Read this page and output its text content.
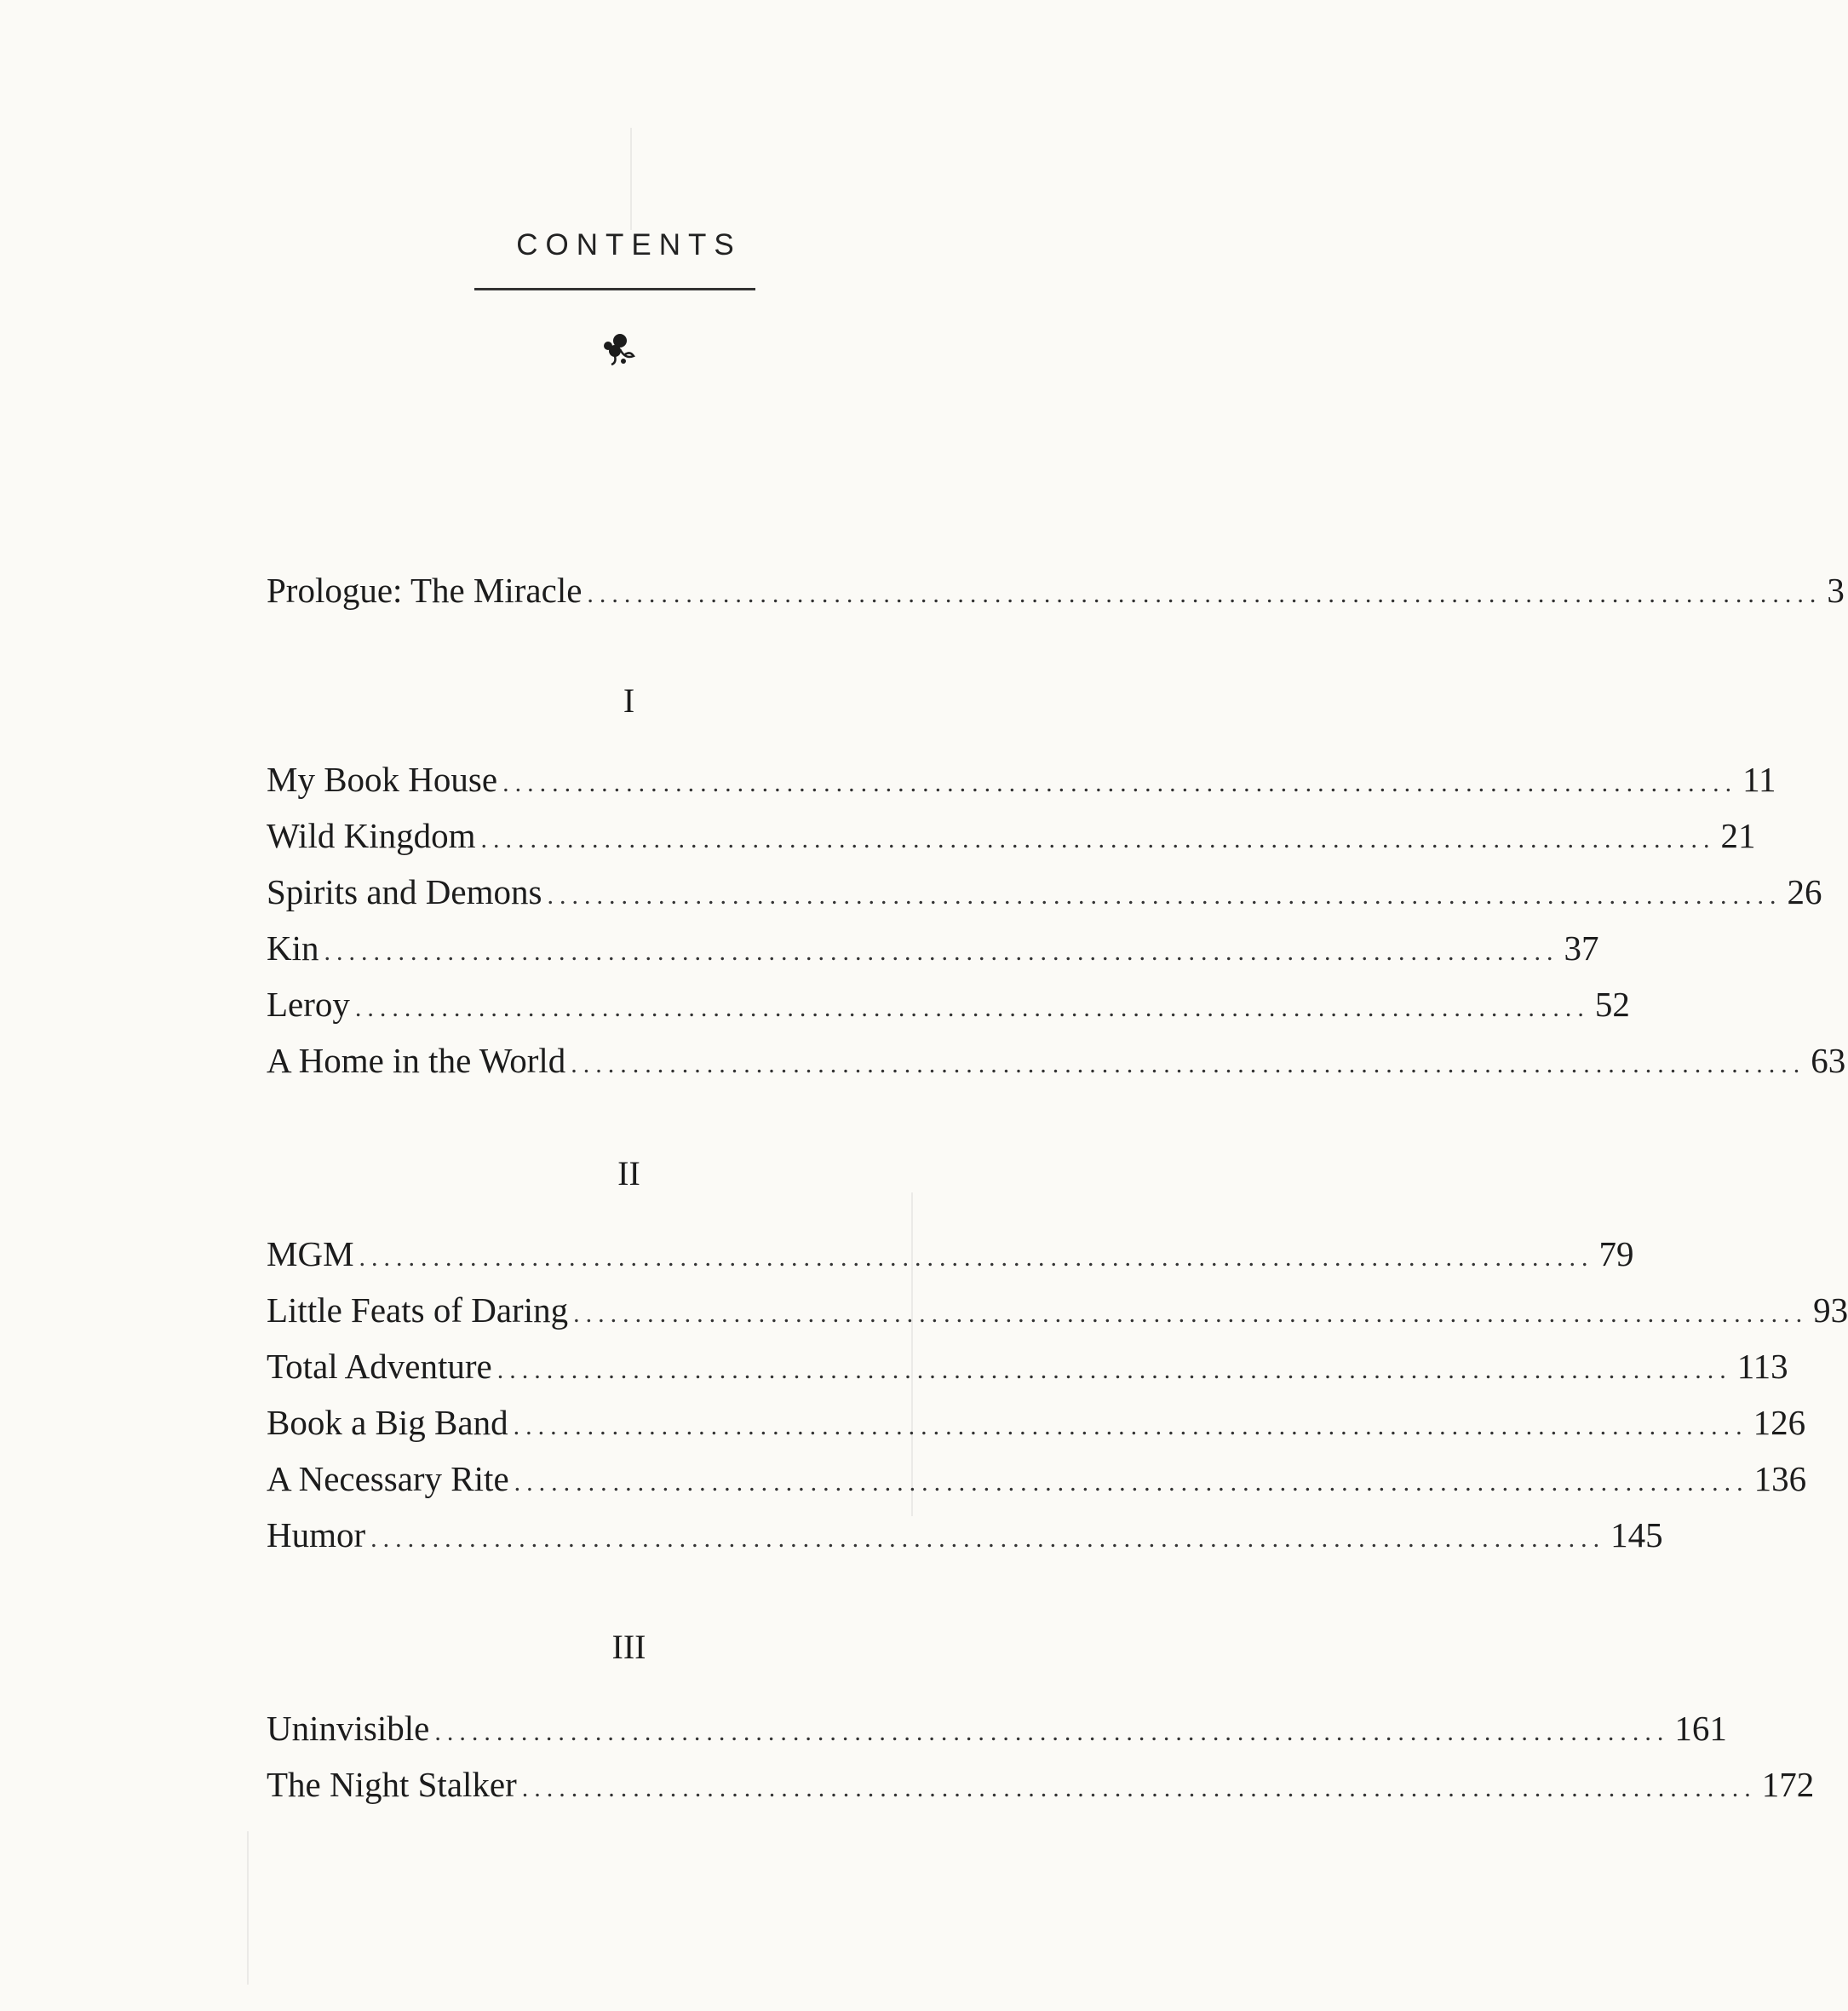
CONTENTS
Prologue: The Miracle .................................................................................................... 3
I
My Book House .................................................................................................... 11
Wild Kingdom .................................................................................................... 21
Spirits and Demons .................................................................................................... 26
Kin .................................................................................................... 37
Leroy .................................................................................................... 52
A Home in the World .................................................................................................... 63
II
MGM .................................................................................................... 79
Little Feats of Daring .................................................................................................... 93
Total Adventure .................................................................................................... 113
Book a Big Band .................................................................................................... 126
A Necessary Rite .................................................................................................... 136
Humor .................................................................................................... 145
III
Uninvisible .................................................................................................... 161
The Night Stalker .................................................................................................... 172
